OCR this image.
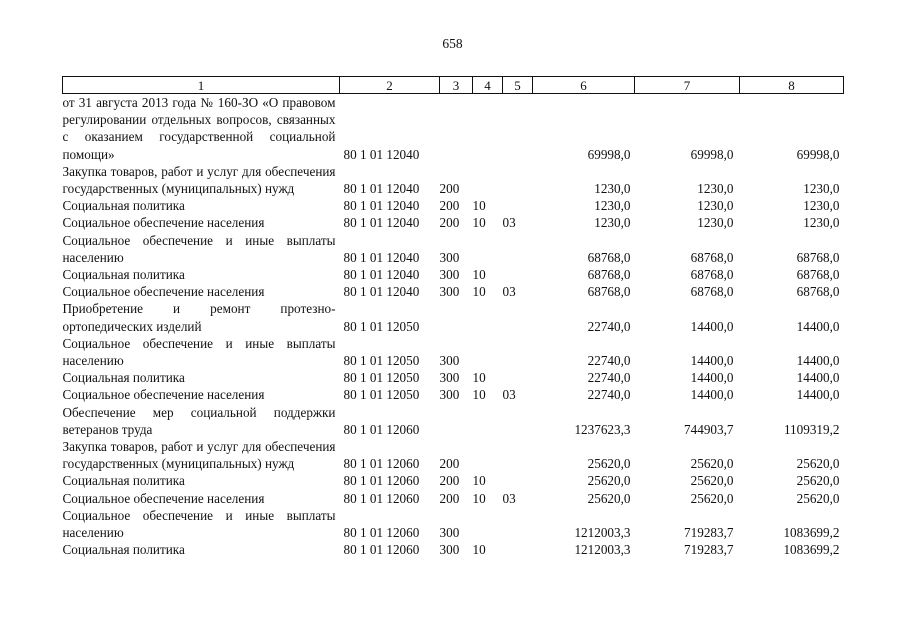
658
1	2	3	4	5	6	7	8
от 31 августа 2013 года № 160-ЗО «О правовом регулировании отдельных вопросов, связанных с оказанием государственной социальной помощи»	80 1 01 12040				69998,0	69998,0	69998,0
Закупка товаров, работ и услуг для обеспечения государственных (муниципальных) нужд	80 1 01 12040	200			1230,0	1230,0	1230,0
Социальная политика	80 1 01 12040	200	10		1230,0	1230,0	1230,0
Социальное обеспечение населения	80 1 01 12040	200	10	03	1230,0	1230,0	1230,0
Социальное обеспечение и иные выплаты населению	80 1 01 12040	300			68768,0	68768,0	68768,0
Социальная политика	80 1 01 12040	300	10		68768,0	68768,0	68768,0
Социальное обеспечение населения	80 1 01 12040	300	10	03	68768,0	68768,0	68768,0
Приобретение и ремонт протезно-ортопедических изделий	80 1 01 12050				22740,0	14400,0	14400,0
Социальное обеспечение и иные выплаты населению	80 1 01 12050	300			22740,0	14400,0	14400,0
Социальная политика	80 1 01 12050	300	10		22740,0	14400,0	14400,0
Социальное обеспечение населения	80 1 01 12050	300	10	03	22740,0	14400,0	14400,0
Обеспечение мер социальной поддержки ветеранов труда	80 1 01 12060				1237623,3	744903,7	1109319,2
Закупка товаров, работ и услуг для обеспечения государственных (муниципальных) нужд	80 1 01 12060	200			25620,0	25620,0	25620,0
Социальная политика	80 1 01 12060	200	10		25620,0	25620,0	25620,0
Социальное обеспечение населения	80 1 01 12060	200	10	03	25620,0	25620,0	25620,0
Социальное обеспечение и иные выплаты населению	80 1 01 12060	300			1212003,3	719283,7	1083699,2
Социальная политика	80 1 01 12060	300	10		1212003,3	719283,7	1083699,2
